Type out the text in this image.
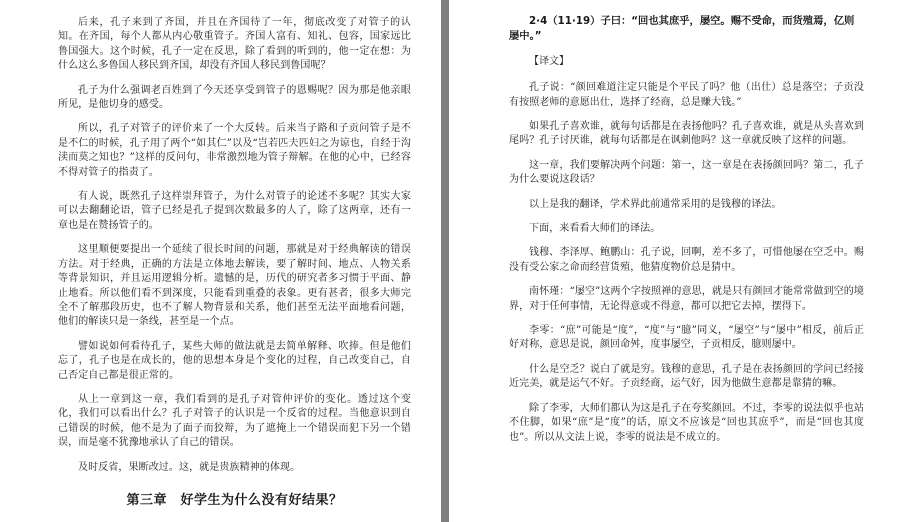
后来，孔子来到了齐国，并且在齐国待了一年，彻底改变了对管子的认知。在齐国，每个人都从内心敬重管子。齐国人富有、知礼、包容，国家远比鲁国强大。这个时候，孔子一定在反思，除了看到的听到的，他一定在想：为什么这么多鲁国人移民到齐国，却没有齐国人移民到鲁国呢？

孔子为什么强调老百姓到了今天还享受到管子的恩赐呢？因为那是他亲眼所见，是他切身的感受。

所以，孔子对管子的评价来了一个大反转。后来当子路和子贡问管子是不是不仁的时候，孔子用了两个“如其仁”以及“岂若匹夫匹妇之为谅也，自经于沟渎而莫之知也？”这样的反问句，非常激烈地为管子辩解。在他的心中，已经容不得对管子的指责了。

有人说，既然孔子这样崇拜管子，为什么对管子的论述不多呢？其实大家可以去翻翻论语，管子已经是孔子提到次数最多的人了，除了这两章，还有一章也是在赞扬管子的。

这里顺便要提出一个延续了很长时间的问题，那就是对于经典解读的错误方法。对于经典，正确的方法是立体地去解读，要了解时间、地点、人物关系等背景知识，并且运用逻辑分析。遗憾的是，历代的研究者多习惯于平面、静止地看。所以他们看不到深度，只能看到重叠的表象。更有甚者，很多大师完全不了解那段历史，也不了解人物背景和关系，他们甚至无法平面地看问题，他们的解读只是一条线，甚至是一个点。

譬如说如何看待孔子，某些大师的做法就是去简单解释、吹捧。但是他们忘了，孔子也是在成长的，他的思想本身是个变化的过程，自己改变自己，自己否定自己都是很正常的。

从上一章到这一章，我们看到的是孔子对管仲评价的变化。透过这个变化，我们可以看出什么？孔子对管子的认识是一个反省的过程。当他意识到自己错误的时候，他不是为了面子而狡辩，为了遮掩上一个错误而犯下另一个错误，而是毫不犹豫地承认了自己的错误。

及时反省，果断改过。这，就是贵族精神的体现。

第三章　好学生为什么没有好结果？

2·4（11·19）子曰：“回也其庶乎，屡空。赐不受命，而货殖焉，亿则屡中。”

【译文】

孔子说：“颜回难道注定只能是个平民了吗？他（出仕）总是落空；子贡没有按照老师的意愿出仕，选择了经商，总是赚大钱。”

如果孔子喜欢谁，就每句话都是在表扬他吗？孔子喜欢谁，就是从头喜欢到尾吗？孔子讨厌谁，就每句话都是在讽刺他吗？这一章就反映了这样的问题。

这一章，我们要解决两个问题：第一，这一章是在表扬颜回吗？第二，孔子为什么要说这段话？

以上是我的翻译，学术界此前通常采用的是钱穆的译法。

下面，来看看大师们的译法。

钱穆、李泽厚、鲍鹏山：孔子说，回啊，差不多了，可惜他屡在空乏中。赐没有受公家之命而经营货殖，他猜度物价总是猜中。

南怀瑾：“屡空”这两个字按照禅的意思，就是只有颜回才能常常做到空的境界，对于任何事情，无论得意或不得意，都可以把它去掉，摆得下。

李零：“庶”可能是“度”，“度”与“臆”同义，“屡空”与“屡中”相反，前后正好对称，意思是说，颜回命舛，度事屡空，子贡相反，臆则屡中。

什么是空乏？说白了就是穷。钱穆的意思，孔子是在表扬颜回的学问已经接近完美，就是运气不好。子贡经商，运气好，因为他做生意都是靠猜的嘛。

除了李零，大师们都认为这是孔子在夸奖颜回。不过，李零的说法似乎也站不住脚，如果“庶”是“度”的话，原文不应该是“回也其庶乎”，而是“回也其度也”。所以从文法上说，李零的说法是不成立的。
